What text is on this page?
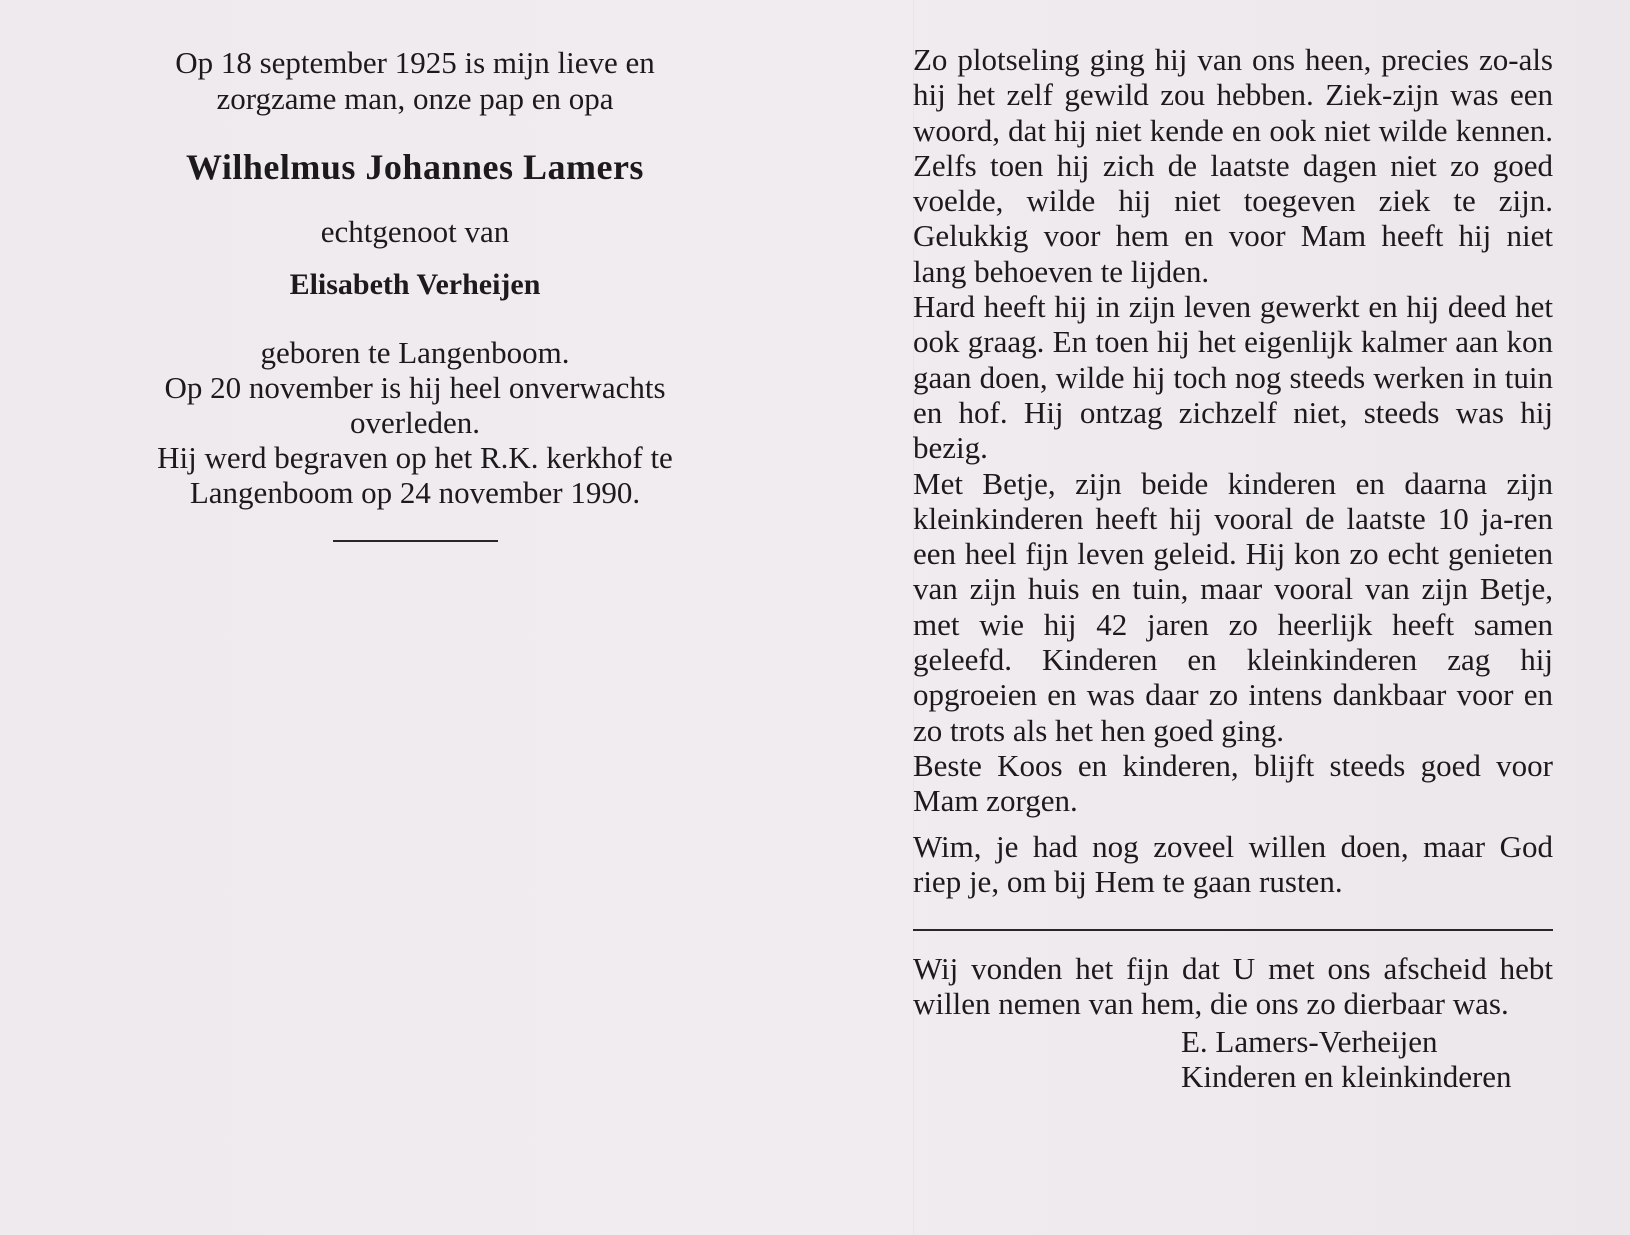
Op 18 september 1925 is mijn lieve en
zorgzame man, onze pap en opa

Wilhelmus Johannes Lamers

echtgenoot van

Elisabeth Verheijen

geboren te Langenboom.
Op 20 november is hij heel onverwachts
overleden.
Hij werd begraven op het R.K. kerkhof te
Langenboom op 24 november 1990.

Zo plotseling ging hij van ons heen, precies zo-als hij het zelf gewild zou hebben. Ziek-zijn was een woord, dat hij niet kende en ook niet wilde kennen. Zelfs toen hij zich de laatste dagen niet zo goed voelde, wilde hij niet toegeven ziek te zijn. Gelukkig voor hem en voor Mam heeft hij niet lang behoeven te lijden.

Hard heeft hij in zijn leven gewerkt en hij deed het ook graag. En toen hij het eigenlijk kalmer aan kon gaan doen, wilde hij toch nog steeds werken in tuin en hof. Hij ontzag zichzelf niet, steeds was hij bezig.

Met Betje, zijn beide kinderen en daarna zijn kleinkinderen heeft hij vooral de laatste 10 ja-ren een heel fijn leven geleid. Hij kon zo echt genieten van zijn huis en tuin, maar vooral van zijn Betje, met wie hij 42 jaren zo heerlijk heeft samen geleefd. Kinderen en kleinkinderen zag hij opgroeien en was daar zo intens dankbaar voor en zo trots als het hen goed ging.

Beste Koos en kinderen, blijft steeds goed voor Mam zorgen.

Wim, je had nog zoveel willen doen, maar God riep je, om bij Hem te gaan rusten.

Wij vonden het fijn dat U met ons afscheid hebt willen nemen van hem, die ons zo dierbaar was.

E. Lamers-Verheijen
Kinderen en kleinkinderen
